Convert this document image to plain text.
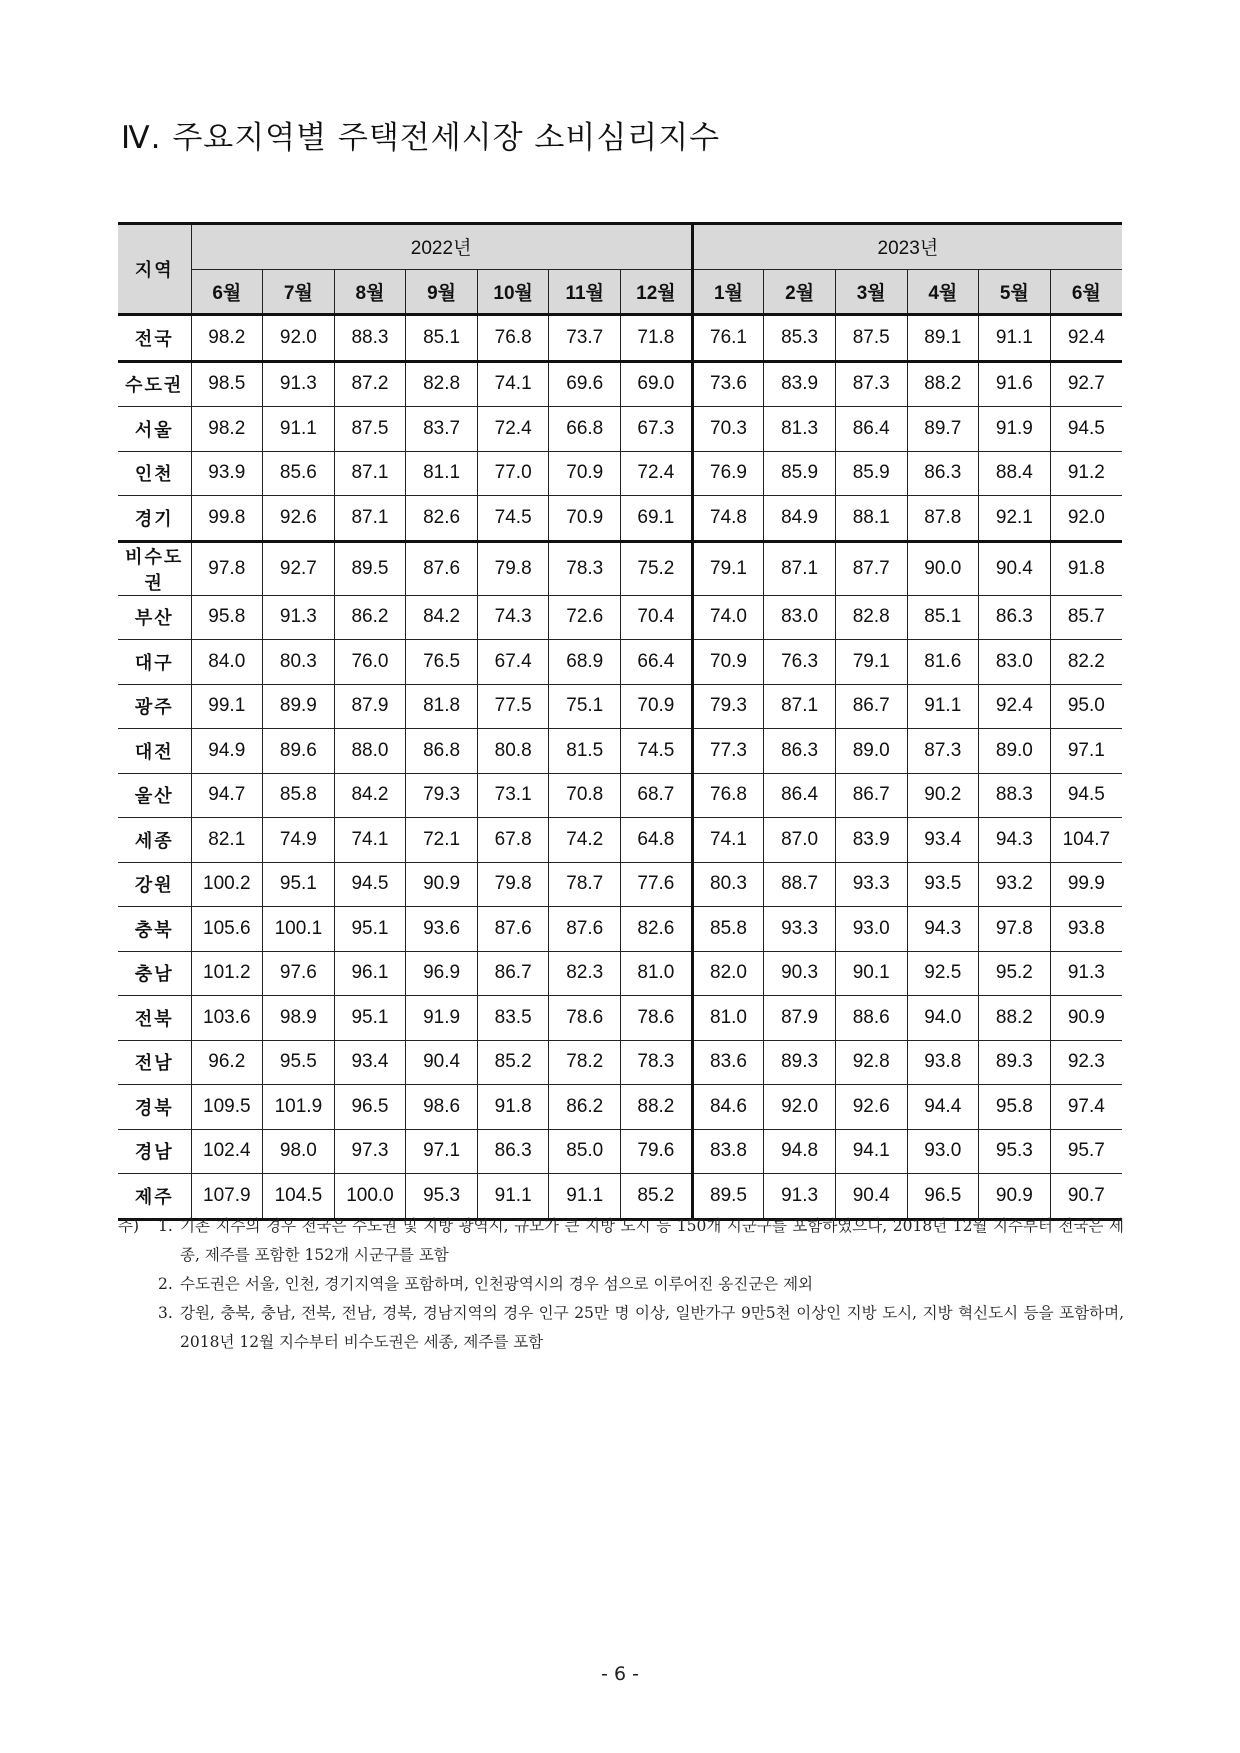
Ⅳ. 주요지역별 주택전세시장 소비심리지수
지역	2022년							2023년					
	6월	7월	8월	9월	10월	11월	12월	1월	2월	3월	4월	5월	6월
전국	98.2	92.0	88.3	85.1	76.8	73.7	71.8	76.1	85.3	87.5	89.1	91.1	92.4
수도권	98.5	91.3	87.2	82.8	74.1	69.6	69.0	73.6	83.9	87.3	88.2	91.6	92.7
서울	98.2	91.1	87.5	83.7	72.4	66.8	67.3	70.3	81.3	86.4	89.7	91.9	94.5
인천	93.9	85.6	87.1	81.1	77.0	70.9	72.4	76.9	85.9	85.9	86.3	88.4	91.2
경기	99.8	92.6	87.1	82.6	74.5	70.9	69.1	74.8	84.9	88.1	87.8	92.1	92.0
비수도권	97.8	92.7	89.5	87.6	79.8	78.3	75.2	79.1	87.1	87.7	90.0	90.4	91.8
부산	95.8	91.3	86.2	84.2	74.3	72.6	70.4	74.0	83.0	82.8	85.1	86.3	85.7
대구	84.0	80.3	76.0	76.5	67.4	68.9	66.4	70.9	76.3	79.1	81.6	83.0	82.2
광주	99.1	89.9	87.9	81.8	77.5	75.1	70.9	79.3	87.1	86.7	91.1	92.4	95.0
대전	94.9	89.6	88.0	86.8	80.8	81.5	74.5	77.3	86.3	89.0	87.3	89.0	97.1
울산	94.7	85.8	84.2	79.3	73.1	70.8	68.7	76.8	86.4	86.7	90.2	88.3	94.5
세종	82.1	74.9	74.1	72.1	67.8	74.2	64.8	74.1	87.0	83.9	93.4	94.3	104.7
강원	100.2	95.1	94.5	90.9	79.8	78.7	77.6	80.3	88.7	93.3	93.5	93.2	99.9
충북	105.6	100.1	95.1	93.6	87.6	87.6	82.6	85.8	93.3	93.0	94.3	97.8	93.8
충남	101.2	97.6	96.1	96.9	86.7	82.3	81.0	82.0	90.3	90.1	92.5	95.2	91.3
전북	103.6	98.9	95.1	91.9	83.5	78.6	78.6	81.0	87.9	88.6	94.0	88.2	90.9
전남	96.2	95.5	93.4	90.4	85.2	78.2	78.3	83.6	89.3	92.8	93.8	89.3	92.3
경북	109.5	101.9	96.5	98.6	91.8	86.2	88.2	84.6	92.0	92.6	94.4	95.8	97.4
경남	102.4	98.0	97.3	97.1	86.3	85.0	79.6	83.8	94.8	94.1	93.0	95.3	95.7
제주	107.9	104.5	100.0	95.3	91.1	91.1	85.2	89.5	91.3	90.4	96.5	90.9	90.7
주)	1. 기존 지수의 경우 전국은 수도권 및 지방 광역시, 규모가 큰 지방 도시 등 150개 시군구를 포함하였으나, 2018년 12월 지수부터 전국은 세종, 제주를 포함한 152개 시군구를 포함
2. 수도권은 서울, 인천, 경기지역을 포함하며, 인천광역시의 경우 섬으로 이루어진 옹진군은 제외
3. 강원, 충북, 충남, 전북, 전남, 경북, 경남지역의 경우 인구 25만 명 이상, 일반가구 9만5천 이상인 지방 도시, 지방 혁신도시 등을 포함하며, 2018년 12월 지수부터 비수도권은 세종, 제주를 포함
- 6 -
